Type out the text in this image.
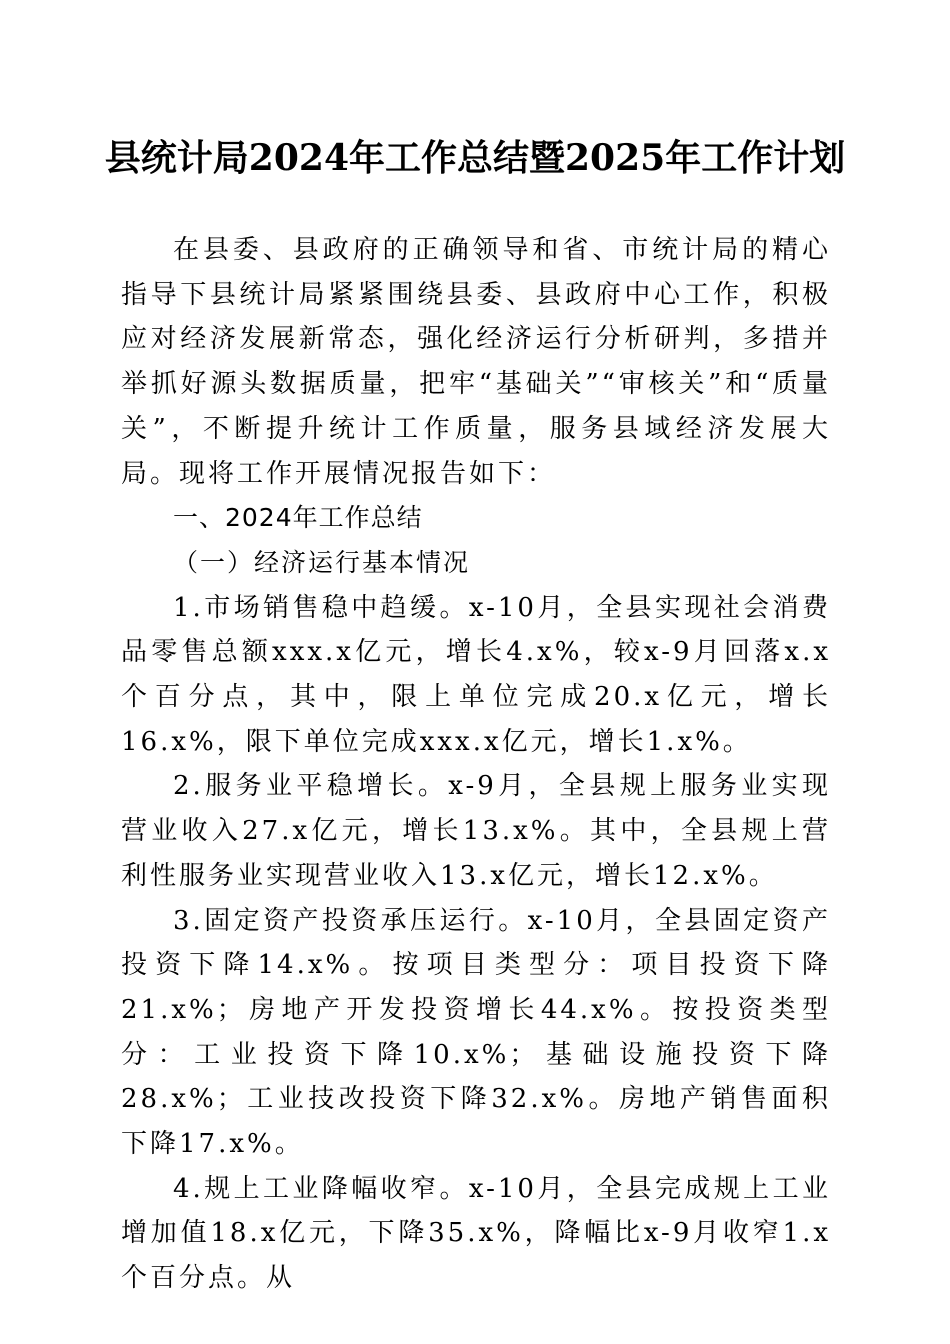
县统计局2024年工作总结暨2025年工作计划

在县委、县政府的正确领导和省、市统计局的精心指导下县统计局紧紧围绕县委、县政府中心工作，积极应对经济发展新常态，强化经济运行分析研判，多措并举抓好源头数据质量，把牢“基础关”“审核关”和“质量关”，不断提升统计工作质量，服务县域经济发展大局。现将工作开展情况报告如下：

一、2024年工作总结

（一）经济运行基本情况

1.市场销售稳中趋缓。x-10月，全县实现社会消费品零售总额xxx.x亿元，增长4.x%，较x-9月回落x.x个百分点，其中，限上单位完成20.x亿元，增长16.x%，限下单位完成xxx.x亿元，增长1.x%。

2.服务业平稳增长。x-9月，全县规上服务业实现营业收入27.x亿元，增长13.x%。其中，全县规上营利性服务业实现营业收入13.x亿元，增长12.x%。

3.固定资产投资承压运行。x-10月，全县固定资产投资下降14.x%。按项目类型分：项目投资下降21.x%；房地产开发投资增长44.x%。按投资类型分：工业投资下降10.x%；基础设施投资下降28.x%；工业技改投资下降32.x%。房地产销售面积下降17.x%。

4.规上工业降幅收窄。x-10月，全县完成规上工业增加值18.x亿元，下降35.x%，降幅比x-9月收窄1.x个百分点。从
